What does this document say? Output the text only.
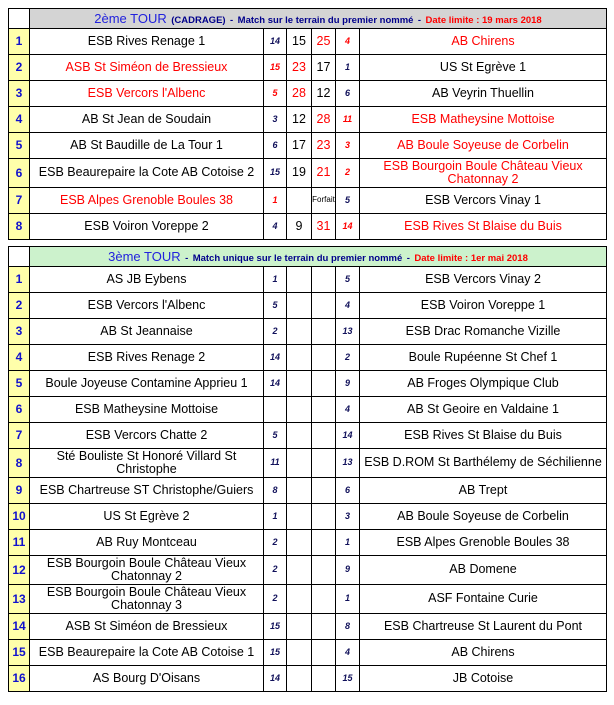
	2ème TOUR (CADRAGE) - Match sur le terrain du premier nommé - Date limite : 19 mars 2018					
1	ESB Rives Renage 1	14	15	25	4	AB Chirens
2	ASB St Siméon de Bressieux	15	23	17	1	US St Egrève 1
3	ESB Vercors l'Albenc	5	28	12	6	AB Veyrin Thuellin
4	AB St Jean de Soudain	3	12	28	11	ESB Matheysine Mottoise
5	AB St Baudille de La Tour 1	6	17	23	3	AB Boule Soyeuse de Corbelin
6	ESB Beaurepaire la Cote AB Cotoise 2	15	19	21	2	ESB Bourgoin Boule Château Vieux Chatonnay 2
7	ESB Alpes Grenoble Boules 38	1		Forfait	5	ESB Vercors Vinay 1
8	ESB Voiron Voreppe 2	4	9	31	14	ESB Rives St Blaise du Buis
	3ème TOUR - Match unique sur le terrain du premier nommé - Date limite : 1er mai 2018					
1	AS JB Eybens	1			5	ESB Vercors Vinay 2
2	ESB Vercors l'Albenc	5			4	ESB Voiron Voreppe 1
3	AB St Jeannaise	2			13	ESB Drac Romanche Vizille
4	ESB Rives Renage 2	14			2	Boule Rupéenne St Chef 1
5	Boule Joyeuse Contamine Apprieu 1	14			9	AB Froges Olympique Club
6	ESB Matheysine Mottoise				4	AB St Geoire en Valdaine 1
7	ESB Vercors Chatte 2	5			14	ESB Rives St Blaise du Buis
8	Sté Bouliste St Honoré Villard St Christophe	11			13	ESB D.ROM St Barthélemy de Séchilienne
9	ESB Chartreuse ST Christophe/Guiers	8			6	AB Trept
10	US St Egrève 2	1			3	AB Boule Soyeuse de Corbelin
11	AB Ruy Montceau	2			1	ESB Alpes Grenoble Boules 38
12	ESB Bourgoin Boule Château Vieux Chatonnay 2	2			9	AB Domene
13	ESB Bourgoin Boule Château Vieux Chatonnay 3	2			1	ASF Fontaine Curie
14	ASB St Siméon de Bressieux	15			8	ESB Chartreuse St Laurent du Pont
15	ESB Beaurepaire la Cote AB Cotoise 1	15			4	AB Chirens
16	AS Bourg D'Oisans	14			15	JB Cotoise
